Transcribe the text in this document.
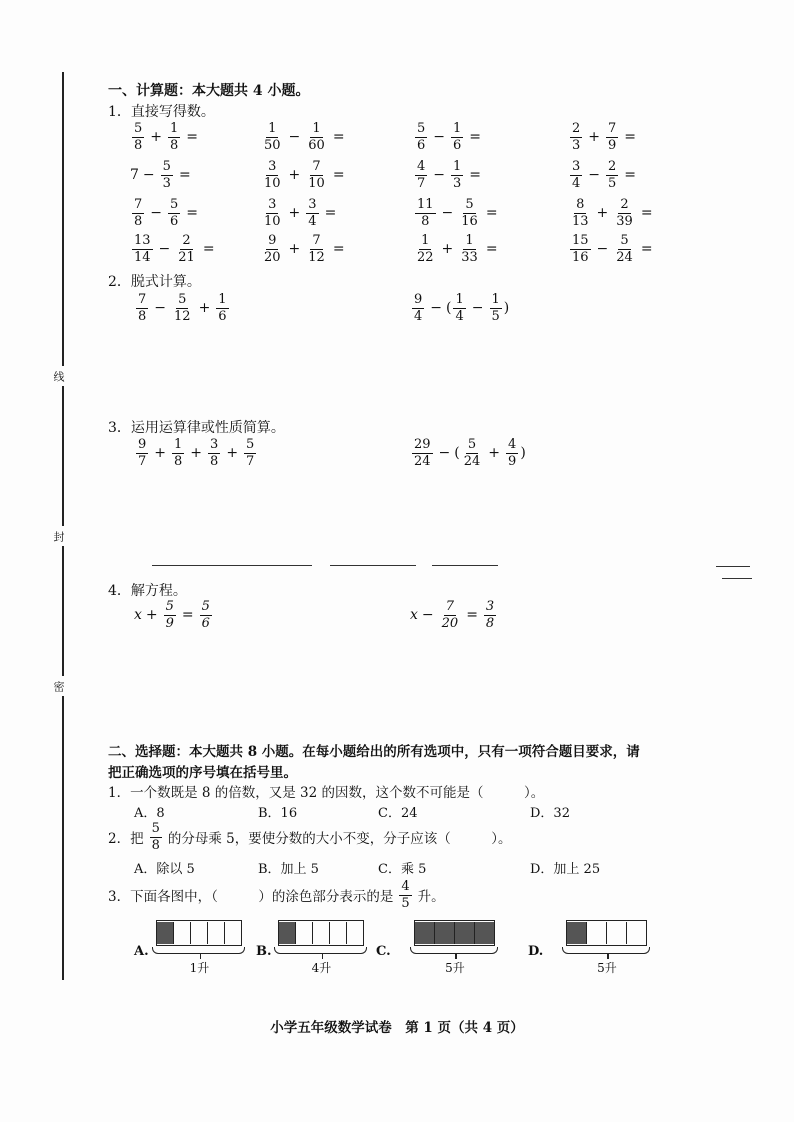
线
封
密
一、计算题：本大题共 4 小题。
1．直接写得数。
$\frac{5}{8} + \frac{1}{8}$ =	$\frac{1}{50} - \frac{1}{60}$ =	$\frac{5}{6} - \frac{1}{6}$ =	$\frac{2}{3} + \frac{7}{9}$ =
$7 - \frac{5}{3}$ =	$\frac{3}{10} + \frac{7}{10}$ =	$\frac{4}{7} - \frac{1}{3}$ =	$\frac{3}{4} - \frac{2}{5}$ =
$\frac{7}{8} - \frac{5}{6}$ =	$\frac{3}{10} + \frac{3}{4}$ =	$\frac{11}{8} - \frac{5}{16}$ =	$\frac{8}{13} + \frac{2}{39}$ =
$\frac{13}{14} - \frac{2}{21}$ =	$\frac{9}{20} + \frac{7}{12}$ =	$\frac{1}{22} + \frac{1}{33}$ =	$\frac{15}{16} - \frac{5}{24}$ =
2．脱式计算。
$\frac{7}{8} - \frac{5}{12} + \frac{1}{6}$	$\frac{9}{4}$ − ( $\frac{1}{4} - \frac{1}{5}$ )
3．运用运算律或性质简算。
$\frac{9}{7} + \frac{1}{8} + \frac{3}{8} + \frac{5}{7}$	$\frac{29}{24}$ − ( $\frac{5}{24} + \frac{4}{9}$ )
4．解方程。
$x + \frac{5}{9} = \frac{5}{6}$	$x - \frac{7}{20} = \frac{3}{8}$
二、选择题：本大题共 8 小题。在每小题给出的所有选项中，只有一项符合题目要求，请
把正确选项的序号填在括号里。
1．一个数既是 8 的倍数，又是 32 的因数，这个数不可能是（　　　）。
A．8	B．16	C．24	D．32
2．把 $\frac{5}{8}$ 的分母乘 5，要使分数的大小不变，分子应该（　　　）。
A．除以 5	B．加上 5	C．乘 5	D．加上 25
3．下面各图中，（　　　）的涂色部分表示的是 $\frac{4}{5}$ 升。
A.
1升
B.
4升
C.
5升
D.
5升
小学五年级数学试卷　第 1 页（共 4 页）
